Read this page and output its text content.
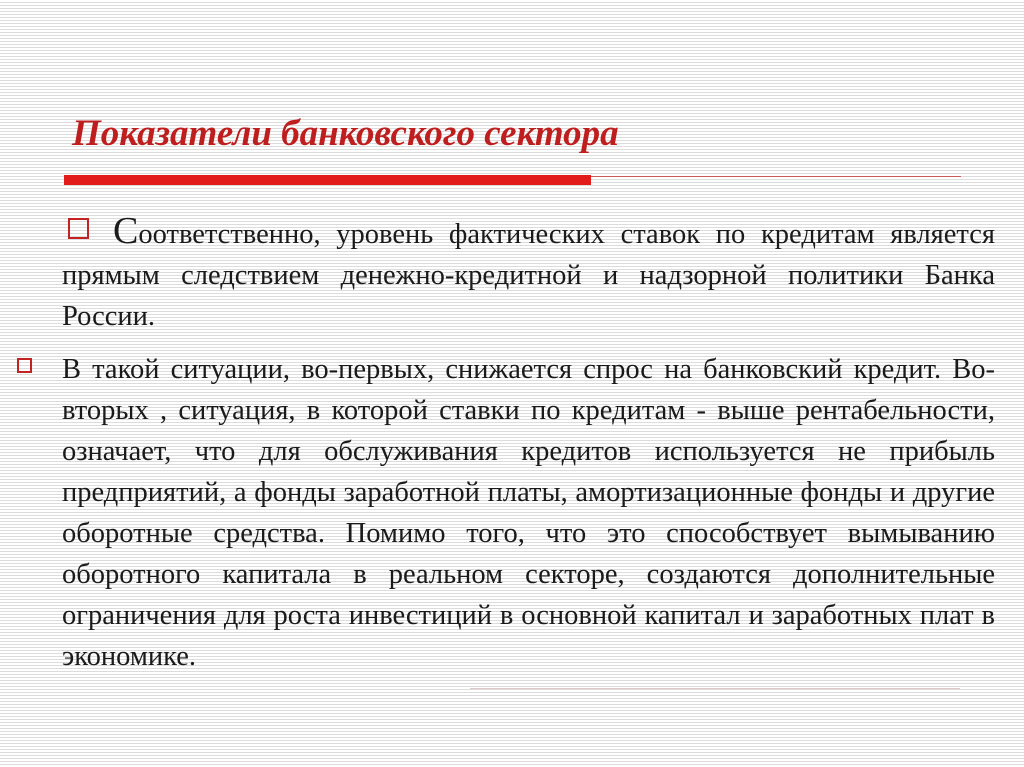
Показатели банковского сектора

Соответственно, уровень фактических ставок по кредитам является прямым следствием денежно-кредитной и надзорной политики Банка России.

В такой ситуации, во-первых, снижается спрос на банковский кредит. Во-вторых , ситуация, в которой ставки по кредитам - выше рентабельности, означает, что для обслуживания кредитов используется не прибыль предприятий, а фонды заработной платы, амортизационные фонды и другие оборотные средства. Помимо того, что это способствует вымыванию оборотного капитала в реальном секторе, создаются дополнительные ограничения для роста инвестиций в основной капитал и заработных плат в экономике.
